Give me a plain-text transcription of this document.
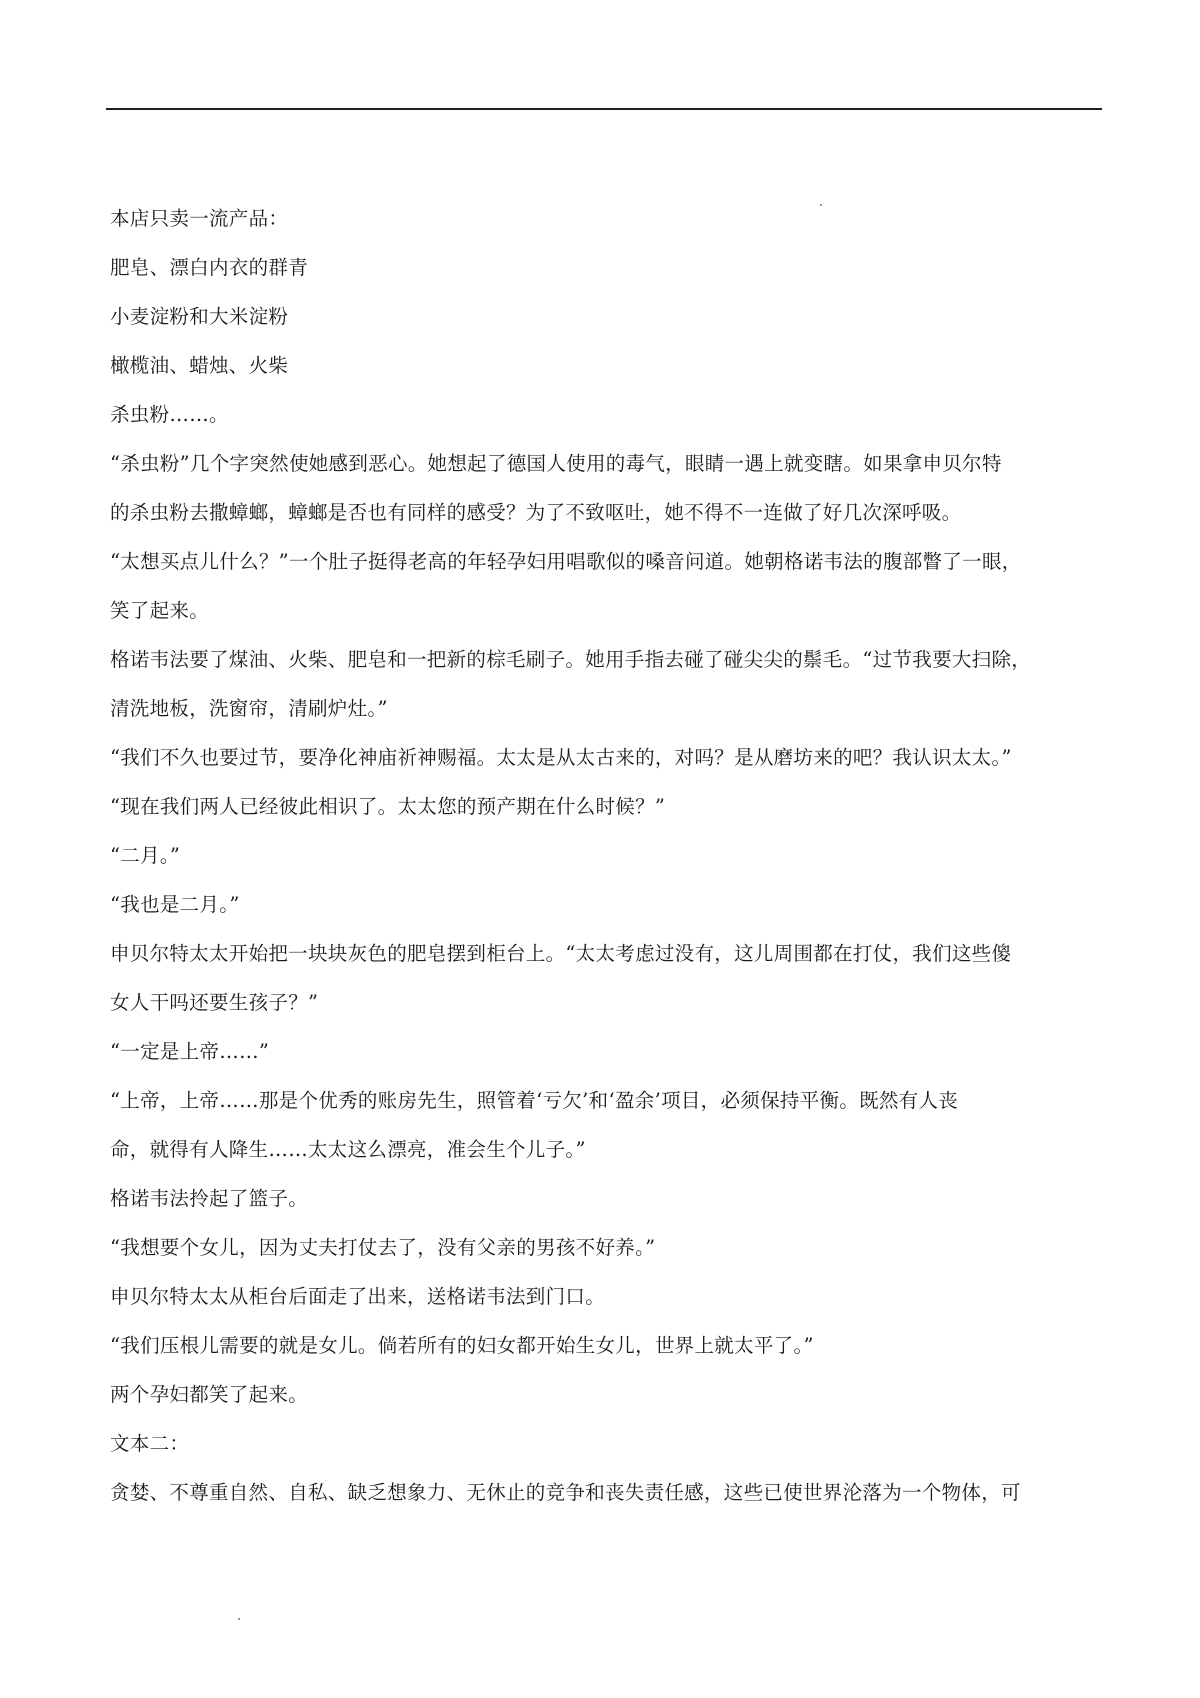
本店只卖一流产品：
肥皂、漂白内衣的群青
小麦淀粉和大米淀粉
橄榄油、蜡烛、火柴
杀虫粉……。
“杀虫粉”几个字突然使她感到恶心。她想起了德国人使用的毒气，眼睛一遇上就变瞎。如果拿申贝尔特
的杀虫粉去撒蟑螂，蟑螂是否也有同样的感受？为了不致呕吐，她不得不一连做了好几次深呼吸。
“太想买点儿什么？”一个肚子挺得老高的年轻孕妇用唱歌似的嗓音问道。她朝格诺韦法的腹部瞥了一眼，
笑了起来。
格诺韦法要了煤油、火柴、肥皂和一把新的棕毛刷子。她用手指去碰了碰尖尖的鬃毛。“过节我要大扫除，
清洗地板，洗窗帘，清刷炉灶。”
“我们不久也要过节，要净化神庙祈神赐福。太太是从太古来的，对吗？是从磨坊来的吧？我认识太太。”
“现在我们两人已经彼此相识了。太太您的预产期在什么时候？”
“二月。”
“我也是二月。”
申贝尔特太太开始把一块块灰色的肥皂摆到柜台上。“太太考虑过没有，这儿周围都在打仗，我们这些傻
女人干吗还要生孩子？”
“一定是上帝……”
“上帝，上帝……那是个优秀的账房先生，照管着‘亏欠’和‘盈余’项目，必须保持平衡。既然有人丧
命，就得有人降生……太太这么漂亮，准会生个儿子。”
格诺韦法拎起了篮子。
“我想要个女儿，因为丈夫打仗去了，没有父亲的男孩不好养。”
申贝尔特太太从柜台后面走了出来，送格诺韦法到门口。
“我们压根儿需要的就是女儿。倘若所有的妇女都开始生女儿，世界上就太平了。”
两个孕妇都笑了起来。
文本二：
贪婪、不尊重自然、自私、缺乏想象力、无休止的竞争和丧失责任感，这些已使世界沦落为一个物体，可
